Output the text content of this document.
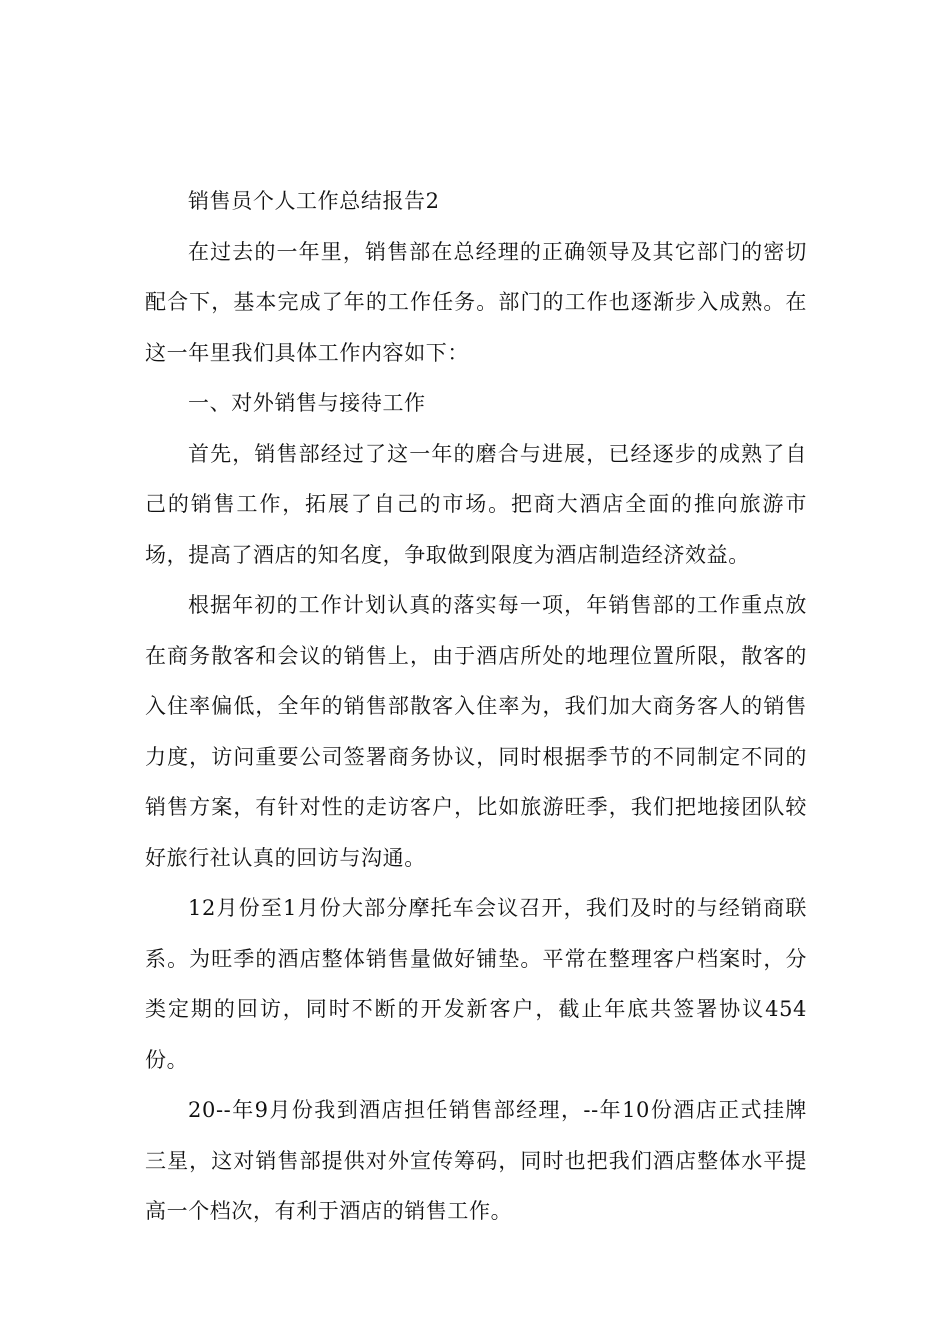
销售员个人工作总结报告2

在过去的一年里，销售部在总经理的正确领导及其它部门的密切配合下，基本完成了年的工作任务。部门的工作也逐渐步入成熟。在这一年里我们具体工作内容如下：

一、对外销售与接待工作

首先，销售部经过了这一年的磨合与进展，已经逐步的成熟了自己的销售工作，拓展了自己的市场。把商大酒店全面的推向旅游市场，提高了酒店的知名度，争取做到限度为酒店制造经济效益。

根据年初的工作计划认真的落实每一项，年销售部的工作重点放在商务散客和会议的销售上，由于酒店所处的地理位置所限，散客的入住率偏低，全年的销售部散客入住率为，我们加大商务客人的销售力度，访问重要公司签署商务协议，同时根据季节的不同制定不同的销售方案，有针对性的走访客户，比如旅游旺季，我们把地接团队较好旅行社认真的回访与沟通。

12月份至1月份大部分摩托车会议召开，我们及时的与经销商联系。为旺季的酒店整体销售量做好铺垫。平常在整理客户档案时，分类定期的回访，同时不断的开发新客户，截止年底共签署协议454份。

20--年9月份我到酒店担任销售部经理，--年10份酒店正式挂牌三星，这对销售部提供对外宣传筹码，同时也把我们酒店整体水平提高一个档次，有利于酒店的销售工作。
